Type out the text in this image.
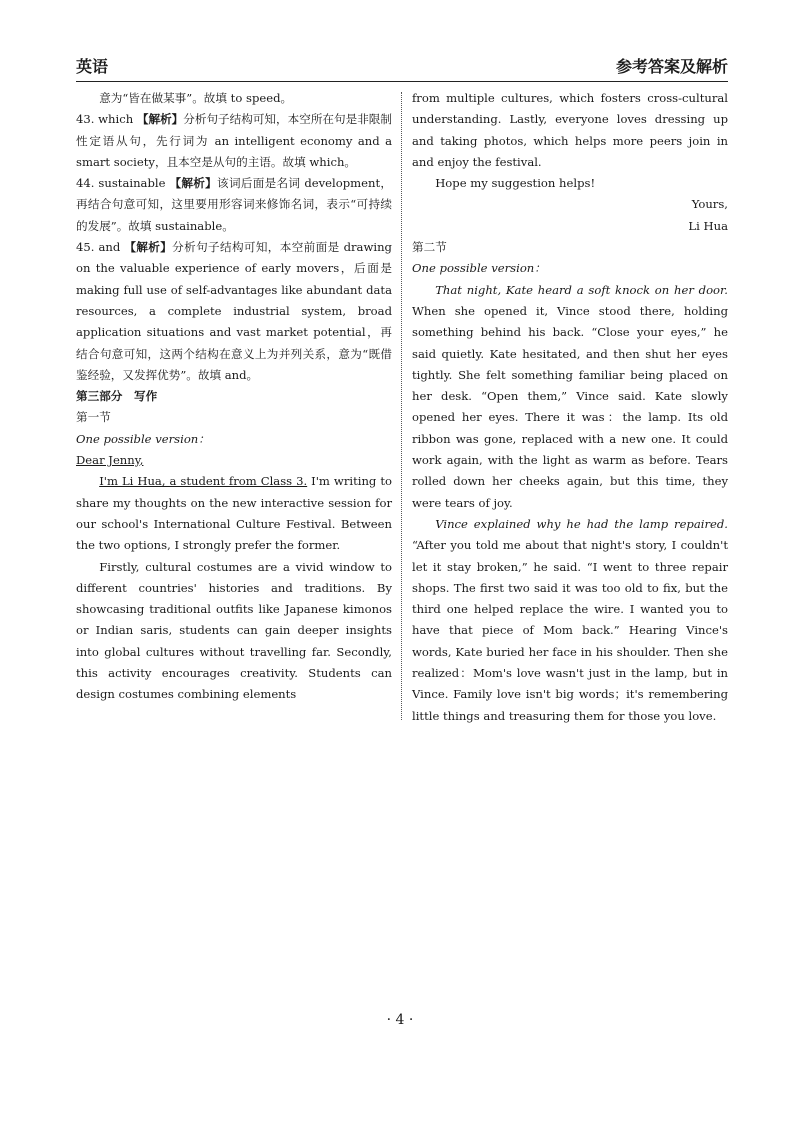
英语	参考答案及解析

意为“皆在做某事”。故填 to speed。

43. which 【解析】分析句子结构可知，本空所在句是非限制性定语从句，先行词为 an intelligent economy and a smart society，且本空是从句的主语。故填 which。
44. sustainable 【解析】该词后面是名词 development，再结合句意可知，这里要用形容词来修饰名词，表示“可持续的发展”。故填 sustainable。
45. and 【解析】分析句子结构可知，本空前面是 drawing on the valuable experience of early movers，后面是 making full use of self-advantages like abundant data resources, a complete industrial system, broad application situations and vast market potential，再结合句意可知，这两个结构在意义上为并列关系，意为“既借鉴经验，又发挥优势”。故填 and。

第三部分　写作

第一节

One possible version：

Dear Jenny,

I'm Li Hua, a student from Class 3. I'm writing to share my thoughts on the new interactive session for our school's International Culture Festival. Between the two options, I strongly prefer the former.

Firstly, cultural costumes are a vivid window to different countries' histories and traditions. By showcasing traditional outfits like Japanese kimonos or Indian saris, students can gain deeper insights into global cultures without travelling far. Secondly, this activity encourages creativity. Students can design costumes combining elements

from multiple cultures, which fosters cross-cultural understanding. Lastly, everyone loves dressing up and taking photos, which helps more peers join in and enjoy the festival.

Hope my suggestion helps!

Yours,

Li Hua

第二节

One possible version：

That night, Kate heard a soft knock on her door. When she opened it, Vince stood there, holding something behind his back. “Close your eyes,” he said quietly. Kate hesitated, and then shut her eyes tightly. She felt something familiar being placed on her desk. “Open them,” Vince said. Kate slowly opened her eyes. There it was：the lamp. Its old ribbon was gone, replaced with a new one. It could work again, with the light as warm as before. Tears rolled down her cheeks again, but this time, they were tears of joy.

Vince explained why he had the lamp repaired. “After you told me about that night's story, I couldn't let it stay broken,” he said. “I went to three repair shops. The first two said it was too old to fix, but the third one helped replace the wire. I wanted you to have that piece of Mom back.” Hearing Vince's words, Kate buried her face in his shoulder. Then she realized：Mom's love wasn't just in the lamp, but in Vince. Family love isn't big words；it's remembering little things and treasuring them for those you love.

· 4 ·
